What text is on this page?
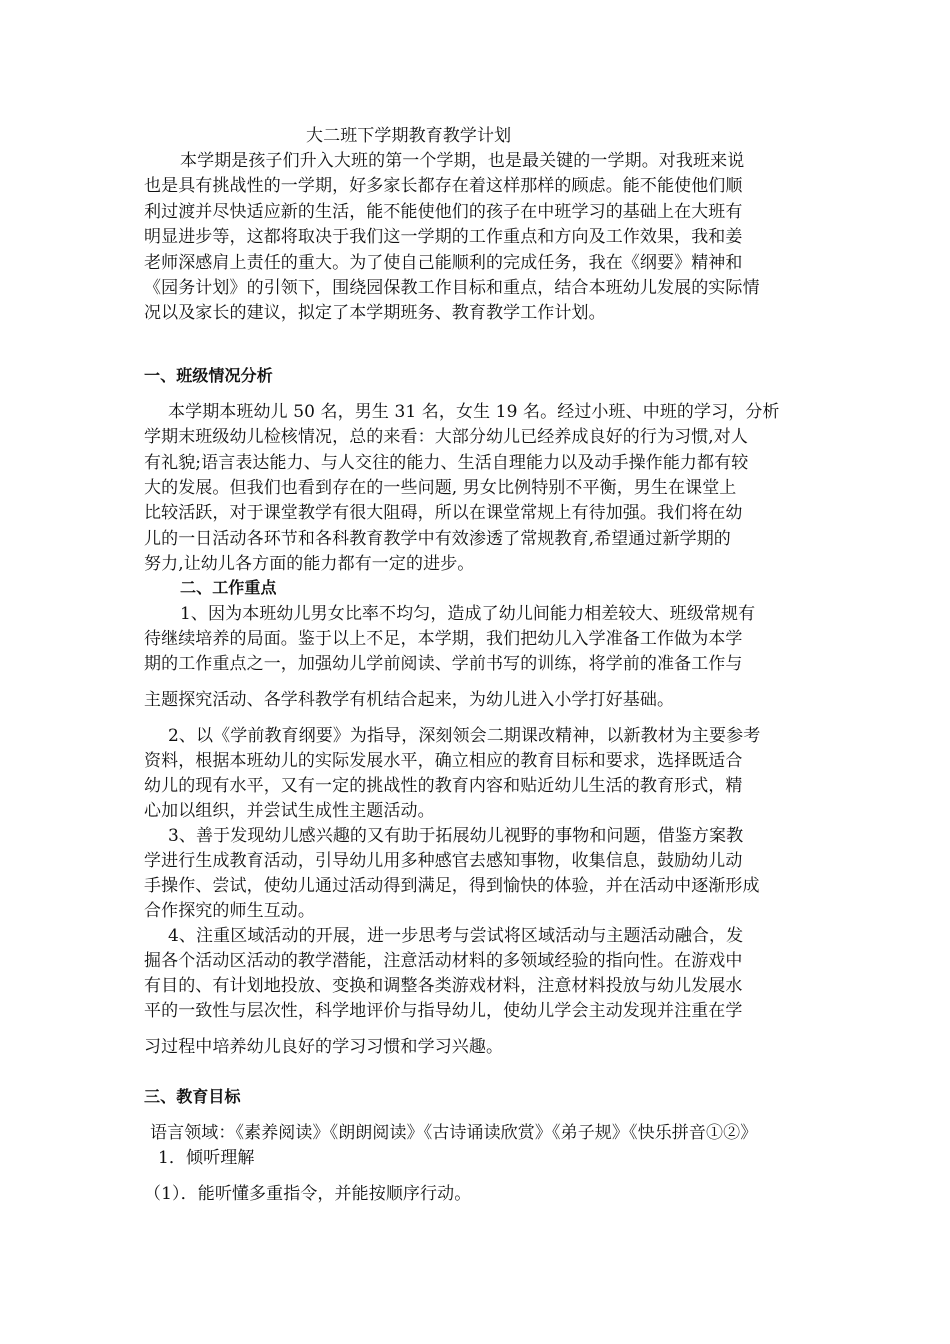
大二班下学期教育教学计划
本学期是孩子们升入大班的第一个学期，也是最关键的一学期。对我班来说
也是具有挑战性的一学期，好多家长都存在着这样那样的顾虑。能不能使他们顺
利过渡并尽快适应新的生活，能不能使他们的孩子在中班学习的基础上在大班有
明显进步等，这都将取决于我们这一学期的工作重点和方向及工作效果，我和姜
老师深感肩上责任的重大。为了使自己能顺利的完成任务，我在《纲要》精神和
《园务计划》的引领下，围绕园保教工作目标和重点，结合本班幼儿发展的实际情
况以及家长的建议，拟定了本学期班务、教育教学工作计划。
一、班级情况分析
本学期本班幼儿 50 名，男生 31 名，女生 19 名。经过小班、中班的学习，分析
学期末班级幼儿检核情况，总的来看：大部分幼儿已经养成良好的行为习惯,对人
有礼貌;语言表达能力、与人交往的能力、生活自理能力以及动手操作能力都有较
大的发展。但我们也看到存在的一些问题, 男女比例特别不平衡，男生在课堂上
比较活跃，对于课堂教学有很大阻碍，所以在课堂常规上有待加强。我们将在幼
儿的一日活动各环节和各科教育教学中有效渗透了常规教育,希望通过新学期的
努力,让幼儿各方面的能力都有一定的进步。
二、工作重点
1、因为本班幼儿男女比率不均匀，造成了幼儿间能力相差较大、班级常规有
待继续培养的局面。鉴于以上不足，本学期，我们把幼儿入学准备工作做为本学
期的工作重点之一，加强幼儿学前阅读、学前书写的训练，将学前的准备工作与
主题探究活动、各学科教学有机结合起来，为幼儿进入小学打好基础。
2、以《学前教育纲要》为指导，深刻领会二期课改精神，以新教材为主要参考
资料，根据本班幼儿的实际发展水平，确立相应的教育目标和要求，选择既适合
幼儿的现有水平，又有一定的挑战性的教育内容和贴近幼儿生活的教育形式，精
心加以组织，并尝试生成性主题活动。
3、善于发现幼儿感兴趣的又有助于拓展幼儿视野的事物和问题，借鉴方案教
学进行生成教育活动，引导幼儿用多种感官去感知事物，收集信息，鼓励幼儿动
手操作、尝试，使幼儿通过活动得到满足，得到愉快的体验，并在活动中逐渐形成
合作探究的师生互动。
4、注重区域活动的开展，进一步思考与尝试将区域活动与主题活动融合，发
掘各个活动区活动的教学潜能，注意活动材料的多领域经验的指向性。在游戏中
有目的、有计划地投放、变换和调整各类游戏材料，注意材料投放与幼儿发展水
平的一致性与层次性，科学地评价与指导幼儿，使幼儿学会主动发现并注重在学
习过程中培养幼儿良好的学习习惯和学习兴趣。
三、教育目标
语言领域：《素养阅读》《朗朗阅读》《古诗诵读欣赏》《弟子规》《快乐拼音①②》
1．倾听理解
（1）．能听懂多重指令，并能按顺序行动。
